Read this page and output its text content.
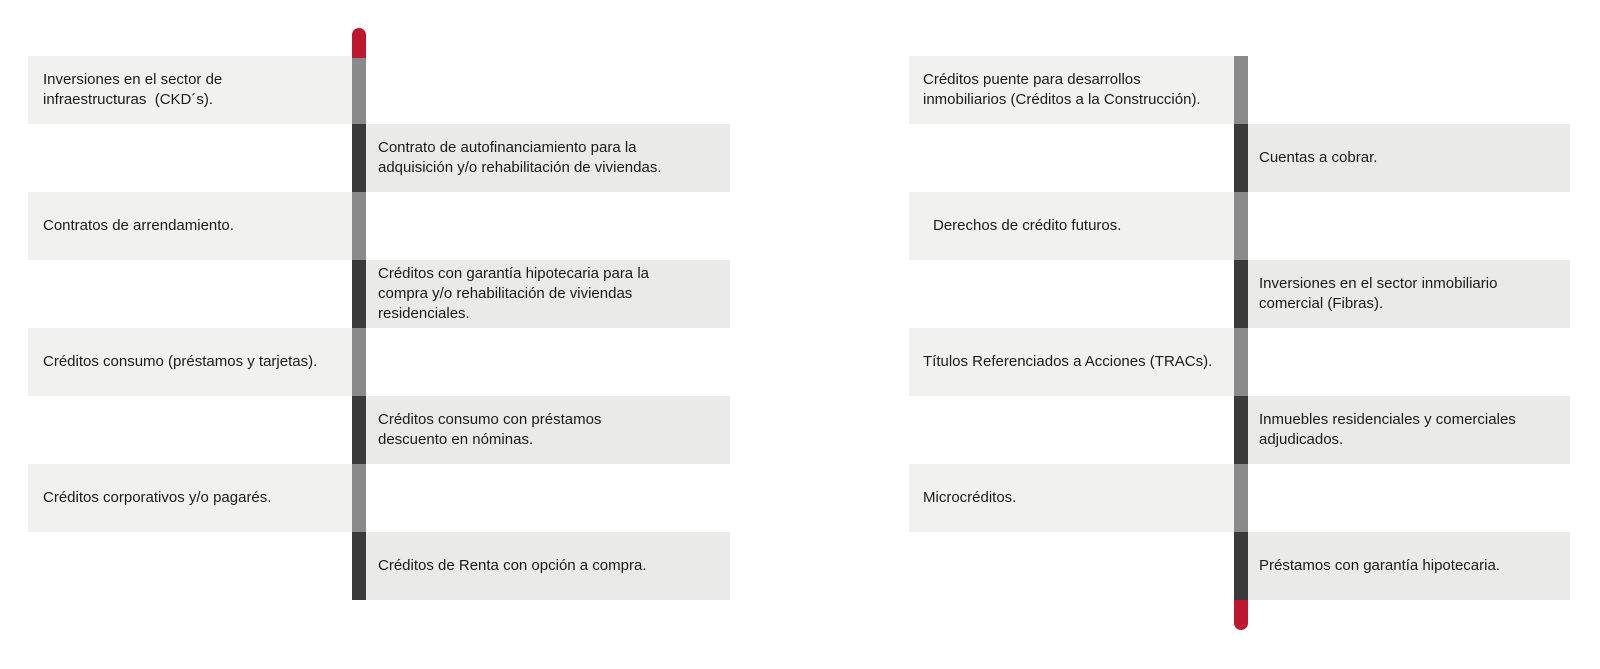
Inversiones en el sector de
infraestructuras  (CKD´s).
Contrato de autofinanciamiento para la
adquisición y/o rehabilitación de viviendas.
Contratos de arrendamiento.
Créditos con garantía hipotecaria para la
compra y/o rehabilitación de viviendas
residenciales.
Créditos consumo (préstamos y tarjetas).
Créditos consumo con préstamos
descuento en nóminas.
Créditos corporativos y/o pagarés.
Créditos de Renta con opción a compra.
Créditos puente para desarrollos
inmobiliarios (Créditos a la Construcción).
Cuentas a cobrar.
Derechos de crédito futuros.
Inversiones en el sector inmobiliario
comercial (Fibras).
Títulos Referenciados a Acciones (TRACs).
Inmuebles residenciales y comerciales
adjudicados.
Microcréditos.
Préstamos con garantía hipotecaria.
